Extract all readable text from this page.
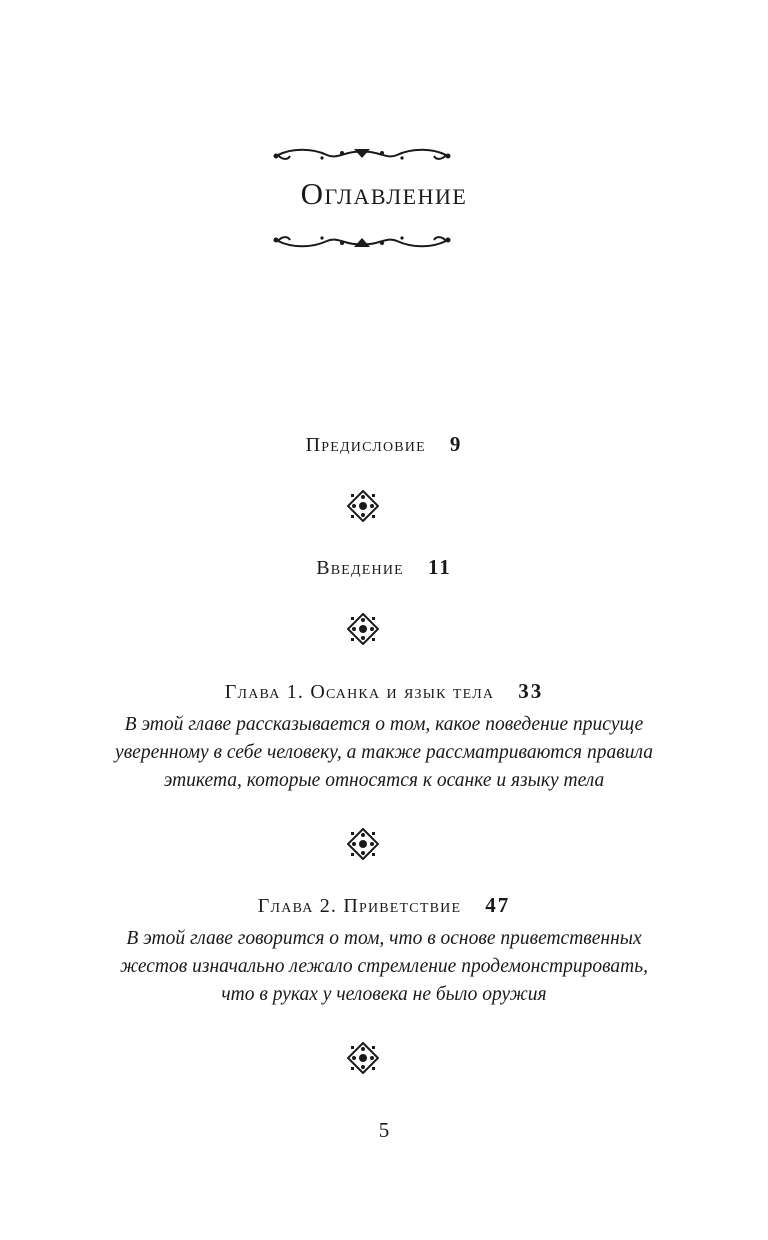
Оглавление
Предисловие 9
Введение 11
Глава 1. Осанка и язык тела 33
В этой главе рассказывается о том, какое поведение присуще
уверенному в себе человеку, а также рассматриваются правила
этикета, которые относятся к осанке и языку тела
Глава 2. Приветствие 47
В этой главе говорится о том, что в основе приветственных
жестов изначально лежало стремление продемонстрировать,
что в руках у человека не было оружия
5
